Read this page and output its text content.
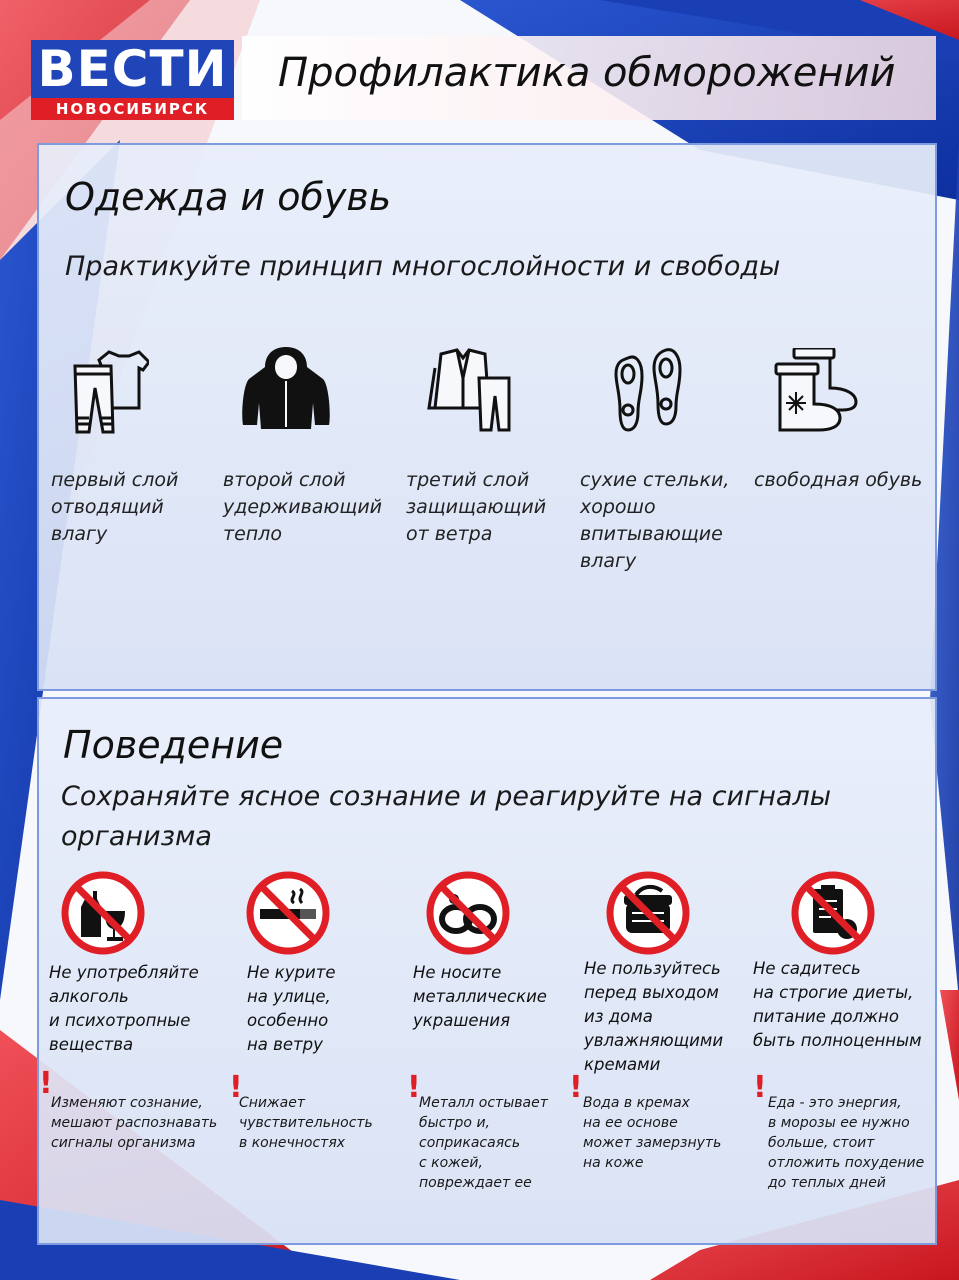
ВЕСТИ
НОВОСИБИРСК
Профилактика обморожений
Одежда и обувь
Практикуйте принцип многослойности и свободы
первый слой
отводящий
влагу
второй слой
удерживающий
тепло
третий слой
защищающий
от ветра
сухие стельки,
хорошо
впитывающие
влагу
свободная обувь
Поведение
Сохраняйте ясное сознание и реагируйте на сигналы организма
Не употребляйте
алкоголь
и психотропные
вещества
Не курите
на улице,
особенно
на ветру
Не носите
металлические
украшения
Не пользуйтесь
перед выходом
из дома
увлажняющими
кремами
Не садитесь
на строгие диеты,
питание должно
быть полноценным
!	!	!	!	!
Изменяют сознание,
мешают распознавать
сигналы организма
Снижает
чувствительность
в конечностях
Металл остывает
быстро и,
соприкасаясь
с кожей,
повреждает ее
Вода в кремах
на ее основе
может замерзнуть
на коже
Еда - это энергия,
в морозы ее нужно
больше, стоит
отложить похудение
до теплых дней
